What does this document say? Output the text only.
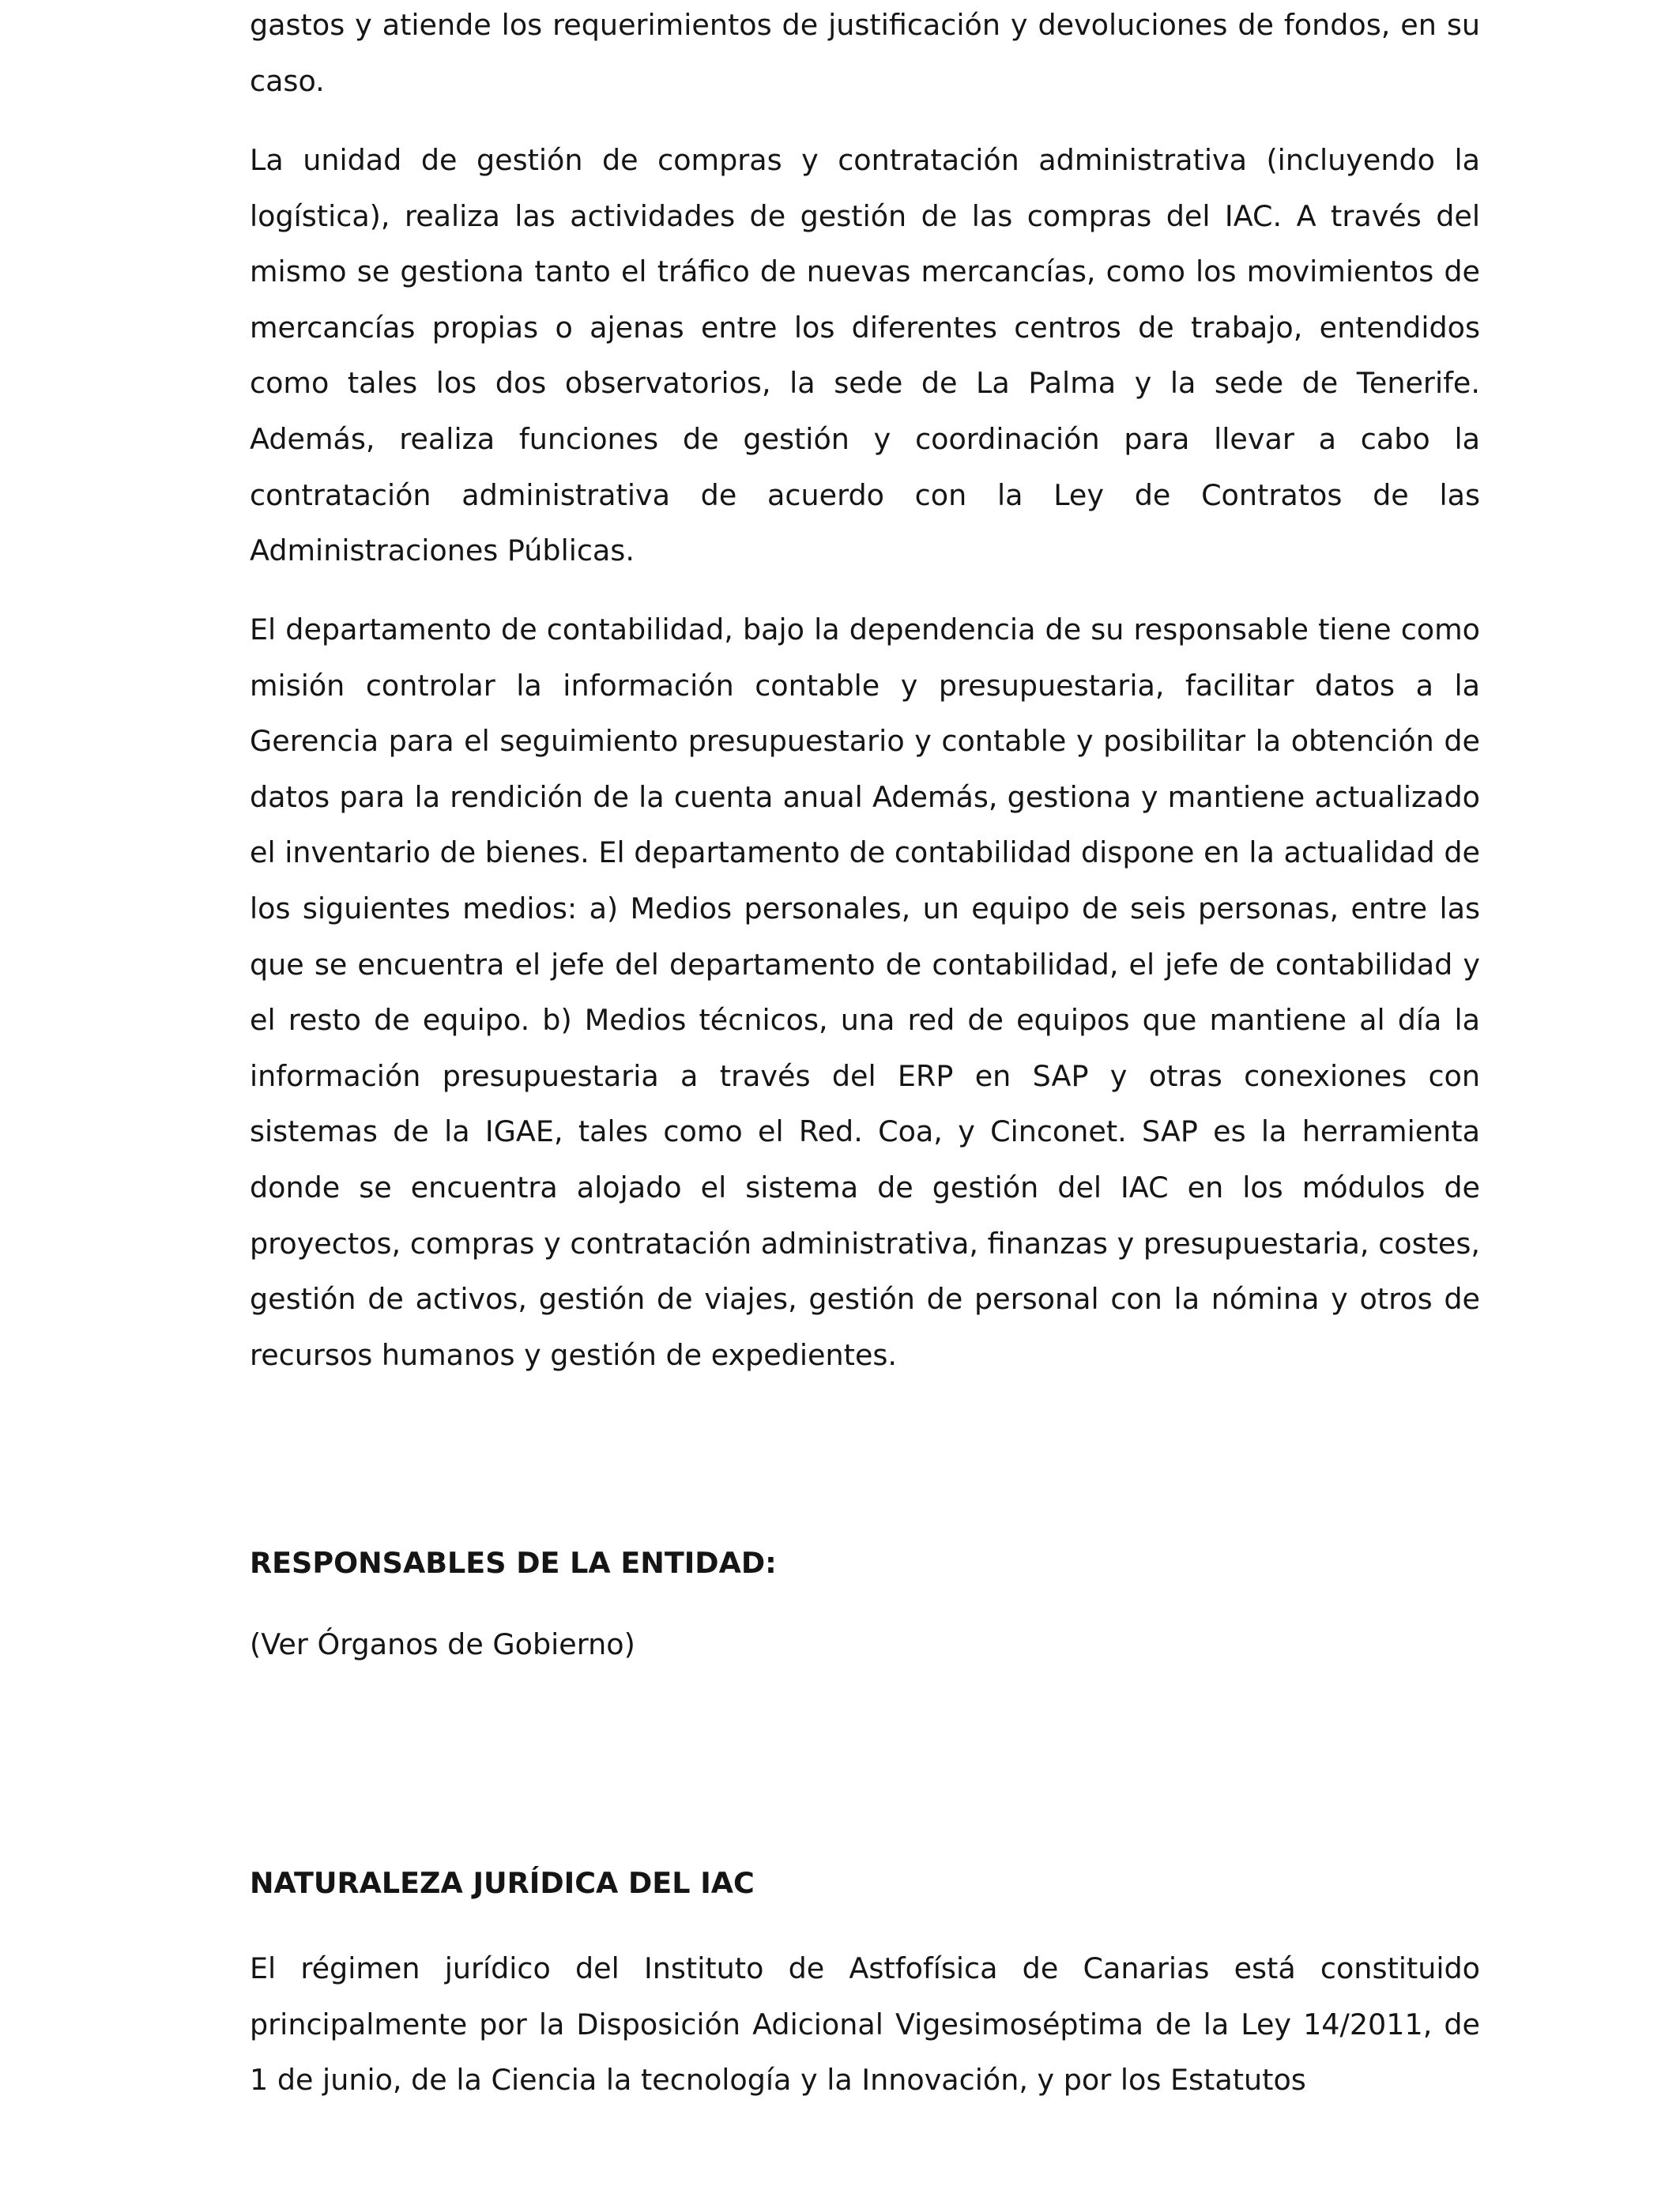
gastos y atiende los requerimientos de justificación y devoluciones de fondos, en su caso.

La unidad de gestión de compras y contratación administrativa (incluyendo la logística), realiza las actividades de gestión de las compras del IAC. A través del mismo se gestiona tanto el tráfico de nuevas mercancías, como los movimientos de mercancías propias o ajenas entre los diferentes centros de trabajo, entendidos como tales los dos observatorios, la sede de La Palma y la sede de Tenerife. Además, realiza funciones de gestión y coordinación para llevar a cabo la contratación administrativa de acuerdo con la Ley de Contratos de las Administraciones Públicas.

El departamento de contabilidad, bajo la dependencia de su responsable tiene como misión controlar la información contable y presupuestaria, facilitar datos a la Gerencia para el seguimiento presupuestario y contable y posibilitar la obtención de datos para la rendición de la cuenta anual Además, gestiona y mantiene actualizado el inventario de bienes. El departamento de contabilidad dispone en la actualidad de los siguientes medios: a) Medios personales, un equipo de seis personas, entre las que se encuentra el jefe del departamento de contabilidad, el jefe de contabilidad y el resto de equipo. b) Medios técnicos, una red de equipos que mantiene al día la información presupuestaria a través del ERP en SAP y otras conexiones con sistemas de la IGAE, tales como el Red. Coa, y Cinconet. SAP es la herramienta donde se encuentra alojado el sistema de gestión del IAC en los módulos de proyectos, compras y contratación administrativa, finanzas y presupuestaria, costes, gestión de activos, gestión de viajes, gestión de personal con la nómina y otros de recursos humanos y gestión de expedientes.

RESPONSABLES DE LA ENTIDAD:

(Ver Órganos de Gobierno)

NATURALEZA JURÍDICA DEL IAC

El régimen jurídico del Instituto de Astfofísica de Canarias está constituido principalmente por la Disposición Adicional Vigesimoséptima de la Ley 14/2011, de 1 de junio, de la Ciencia la tecnología y la Innovación, y por los Estatutos
